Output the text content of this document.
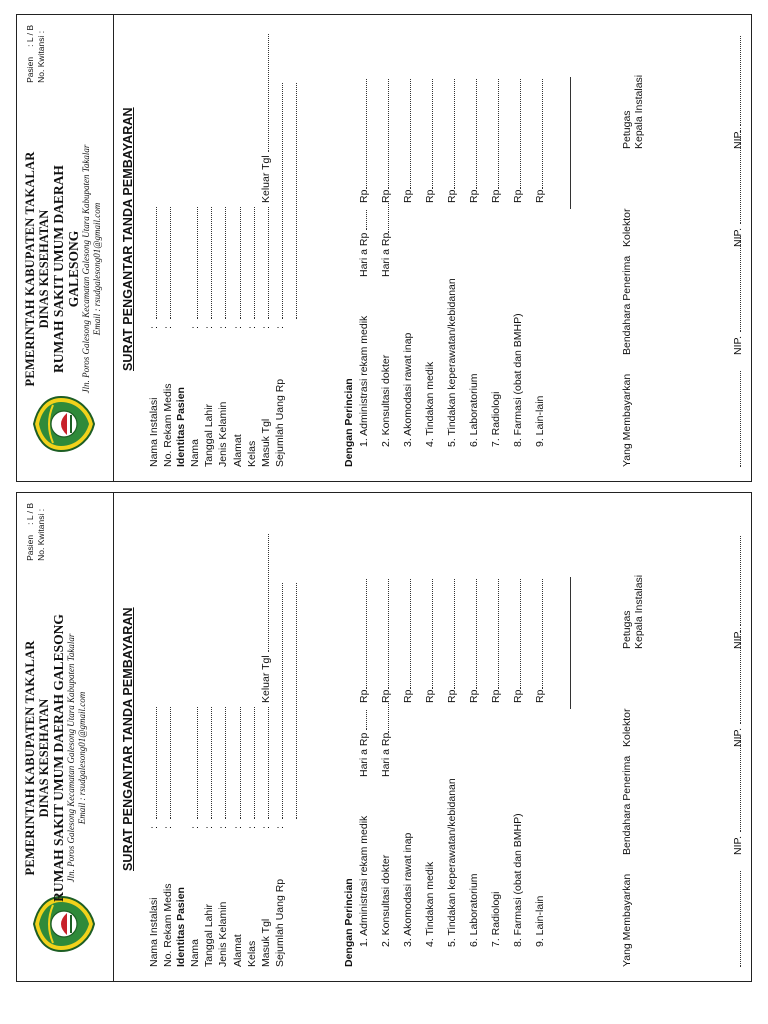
PEMERINTAH KABUPATEN TAKALAR DINAS KESEHATAN RUMAH SAKIT UMUM DAERAH GALESONG Jln. Poros Galesong Kecamatan Galesong Utara Kabupaten Takalar Email : rsudgalesong01@gmail.com
Pasien
: L / B No. Kwitansi :
SURAT PENGANTAR TANDA PEMBAYARAN
Nama Instalasi
:
No. Rekam Medis
:
Identitas Pasien Nama
:
Tanggal Lahir
:
Jenis Kelamin
:
Alamat
:
Kelas
:
Masuk Tgl
:
Keluar Tgl
Sejumlah Uang Rp
:
Dengan Perincian 1. Administrasi rekam medik
Hari a Rp
Rp
2. Konsultasi dokter
Hari a Rp
Rp
3. Akomodasi rawat inap
Rp
4. Tindakan medik
Rp
5. Tindakan keperawatan/kebidanan
Rp
6. Laboratorium
Rp
7. Radiologi
Rp
8. Farmasi (obat dan BMHP)
Rp
9. Lain-lain
Rp
Yang Membayarkan
Bendahara Penerima
Kolektor
Petugas Kepala Instalasi
NIP.
NIP.
NIP.
PEMERINTAH KABUPATEN TAKALAR DINAS KESEHATAN RUMAH SAKIT UMUM DAERAH GALESONG Jln. Poros Galesong Kecamatan Galesong Utara Kabupaten Takalar Email : rsudgalesong01@gmail.com
Pasien
: L / B No. Kwitansi :
SURAT PENGANTAR TANDA PEMBAYARAN
Nama Instalasi
:
No. Rekam Medis
:
Identitas Pasien Nama
:
Tanggal Lahir
:
Jenis Kelamin
:
Alamat
:
Kelas
:
Masuk Tgl
:
Keluar Tgl
Sejumlah Uang Rp
:
Dengan Perincian 1. Administrasi rekam medik
Hari a Rp
Rp
2. Konsultasi dokter
Hari a Rp
Rp
3. Akomodasi rawat inap
Rp
4. Tindakan medik
Rp
5. Tindakan keperawatan/kebidanan
Rp
6. Laboratorium
Rp
7. Radiologi
Rp
8. Farmasi (obat dan BMHP)
Rp
9. Lain-lain
Rp
Yang Membayarkan
Bendahara Penerima
Kolektor
Petugas Kepala Instalasi
NIP.
NIP.
NIP.
